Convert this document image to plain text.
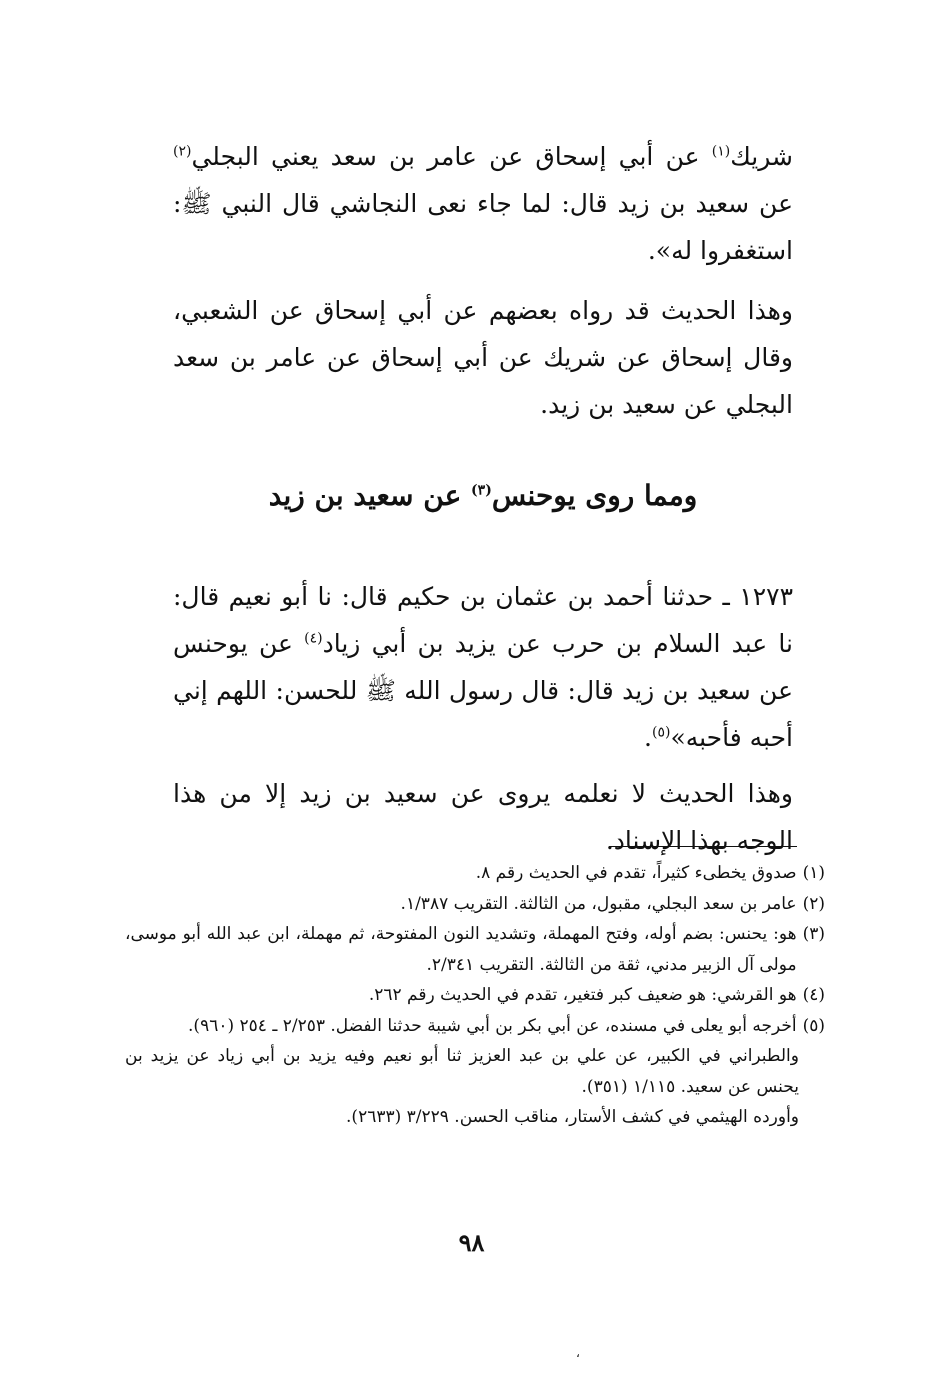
شريك$^{(١)}$ عن أبي إسحاق عن عامر بن سعد يعني البجلي$^{(٢)}$ عن سعيد بن زيد قال: لما جاء نعى النجاشي قال النبي ﷺ: استغفروا له».

وهذا الحديث قد رواه بعضهم عن أبي إسحاق عن الشعبي، وقال إسحاق عن شريك عن أبي إسحاق عن عامر بن سعد البجلي عن سعيد بن زيد.

ومما روى يوحنس$^{(٣)}$ عن سعيد بن زيد

١٢٧٣ ـ حدثنا أحمد بن عثمان بن حكيم قال: نا أبو نعيم قال: نا عبد السلام بن حرب عن يزيد بن أبي زياد$^{(٤)}$ عن يوحنس عن سعيد بن زيد قال: قال رسول الله ﷺ للحسن: اللهم إني أحبه فأحبه»$^{(٥)}$.

وهذا الحديث لا نعلمه يروى عن سعيد بن زيد إلا من هذا الوجه بهذا الإسناد.

(١)
صدوق يخطىء كثيراً، تقدم في الحديث رقم ٨.
(٢)
عامر بن سعد البجلي، مقبول، من الثالثة. التقريب ١/٣٨٧.
(٣)
هو: يحنس: بضم أوله، وفتح المهملة، وتشديد النون المفتوحة، ثم مهملة، ابن عبد الله أبو موسى، مولى آل الزبير مدني، ثقة من الثالثة. التقريب ٢/٣٤١.
(٤)
هو القرشي: هو ضعيف كبر فتغير، تقدم في الحديث رقم ٢٦٢.
(٥)
أخرجه أبو يعلى في مسنده، عن أبي بكر بن أبي شيبة حدثنا الفضل. ٢/٢٥٣ ـ ٢٥٤ (٩٦٠).
والطبراني في الكبير، عن علي بن عبد العزيز ثنا أبو نعيم وفيه يزيد بن أبي زياد عن يزيد بن يحنس عن سعيد. ١/١١٥ (٣٥١).
وأورده الهيثمي في كشف الأستار، مناقب الحسن. ٣/٢٢٩ (٢٦٣٣).
٩٨
،
